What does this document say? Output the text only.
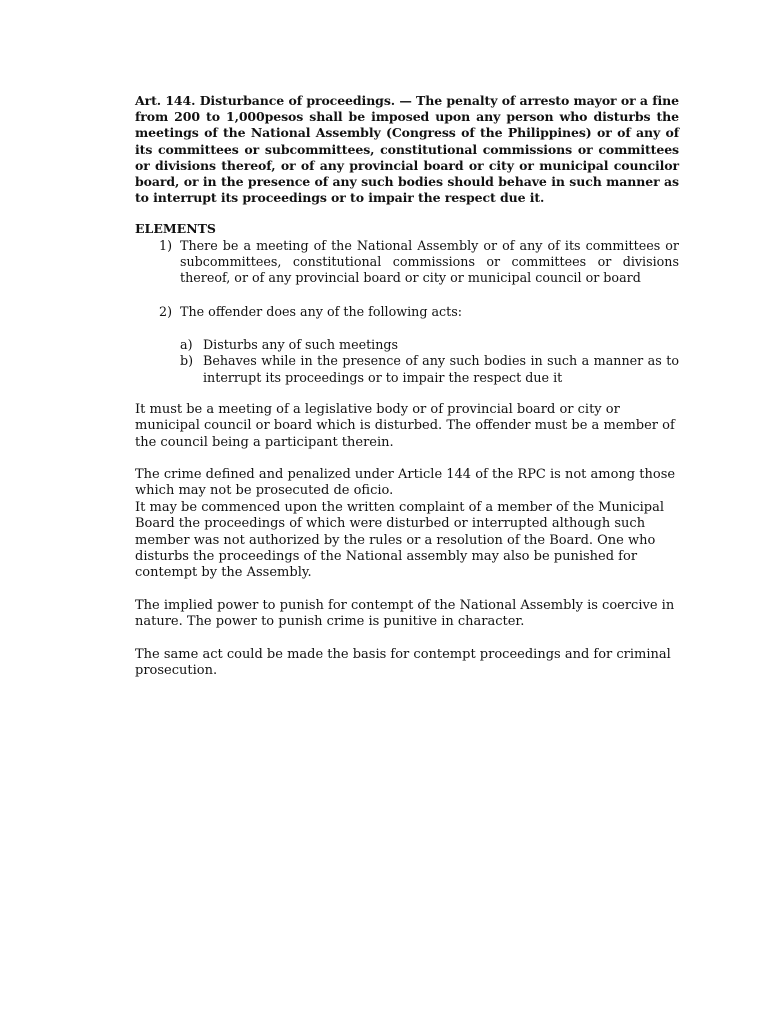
Art. 144. Disturbance of proceedings. — The penalty of arresto mayor or a fine from 200 to 1,000pesos shall be imposed upon any person who disturbs the meetings of the National Assembly (Congress of the Philippines) or of any of its committees or subcommittees, constitutional commissions or committees or divisions thereof, or of any provincial board or city or municipal councilor board, or in the presence of any such bodies should behave in such manner as to interrupt its proceedings or to impair the respect due it.

ELEMENTS
1) There be a meeting of the National Assembly or of any of its committees or subcommittees, constitutional commissions or committees or divisions thereof, or of any provincial board or city or municipal council or board
2) The offender does any of the following acts:
a) Disturbs any of such meetings
b) Behaves while in the presence of any such bodies in such a manner as to interrupt its proceedings or to impair the respect due it

It must be a meeting of a legislative body or of provincial board or city or municipal council or board which is disturbed. The offender must be a member of the council being a participant therein.

The crime defined and penalized under Article 144 of the RPC is not among those which may not be prosecuted de oficio.

It may be commenced upon the written complaint of a member of the Municipal Board the proceedings of which were disturbed or interrupted although such member was not authorized by the rules or a resolution of the Board. One who disturbs the proceedings of the National assembly may also be punished for contempt by the Assembly.

The implied power to punish for contempt of the National Assembly is coercive in nature. The power to punish crime is punitive in character.

The same act could be made the basis for contempt proceedings and for criminal prosecution.
